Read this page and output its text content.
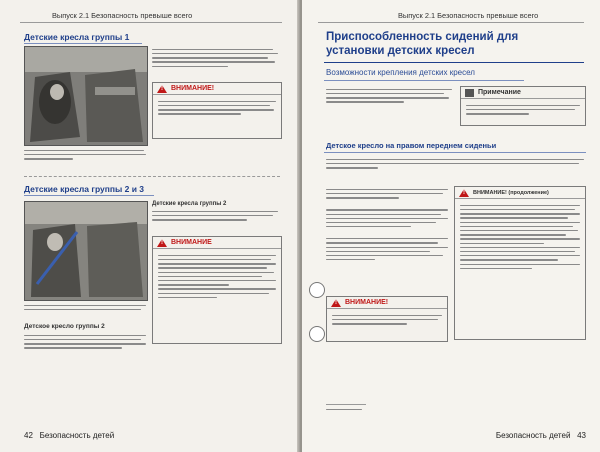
Выпуск 2.1 Безопасность превыше всего
Детские кресла группы 1
!
ВНИМАНИЕ!
Детские кресла группы 2 и 3
Детские кресла группы 2
!
ВНИМАНИЕ
Детское кресло группы 2
42 Безопасность детей
Выпуск 2.1 Безопасность превыше всего
Приспособленность сидений для установки детских кресел
Возможности крепления детских кресел
Примечание
Детское кресло на правом переднем сиденьи
!
ВНИМАНИЕ! (продолжение)
!
ВНИМАНИЕ!
Безопасность детей 43
